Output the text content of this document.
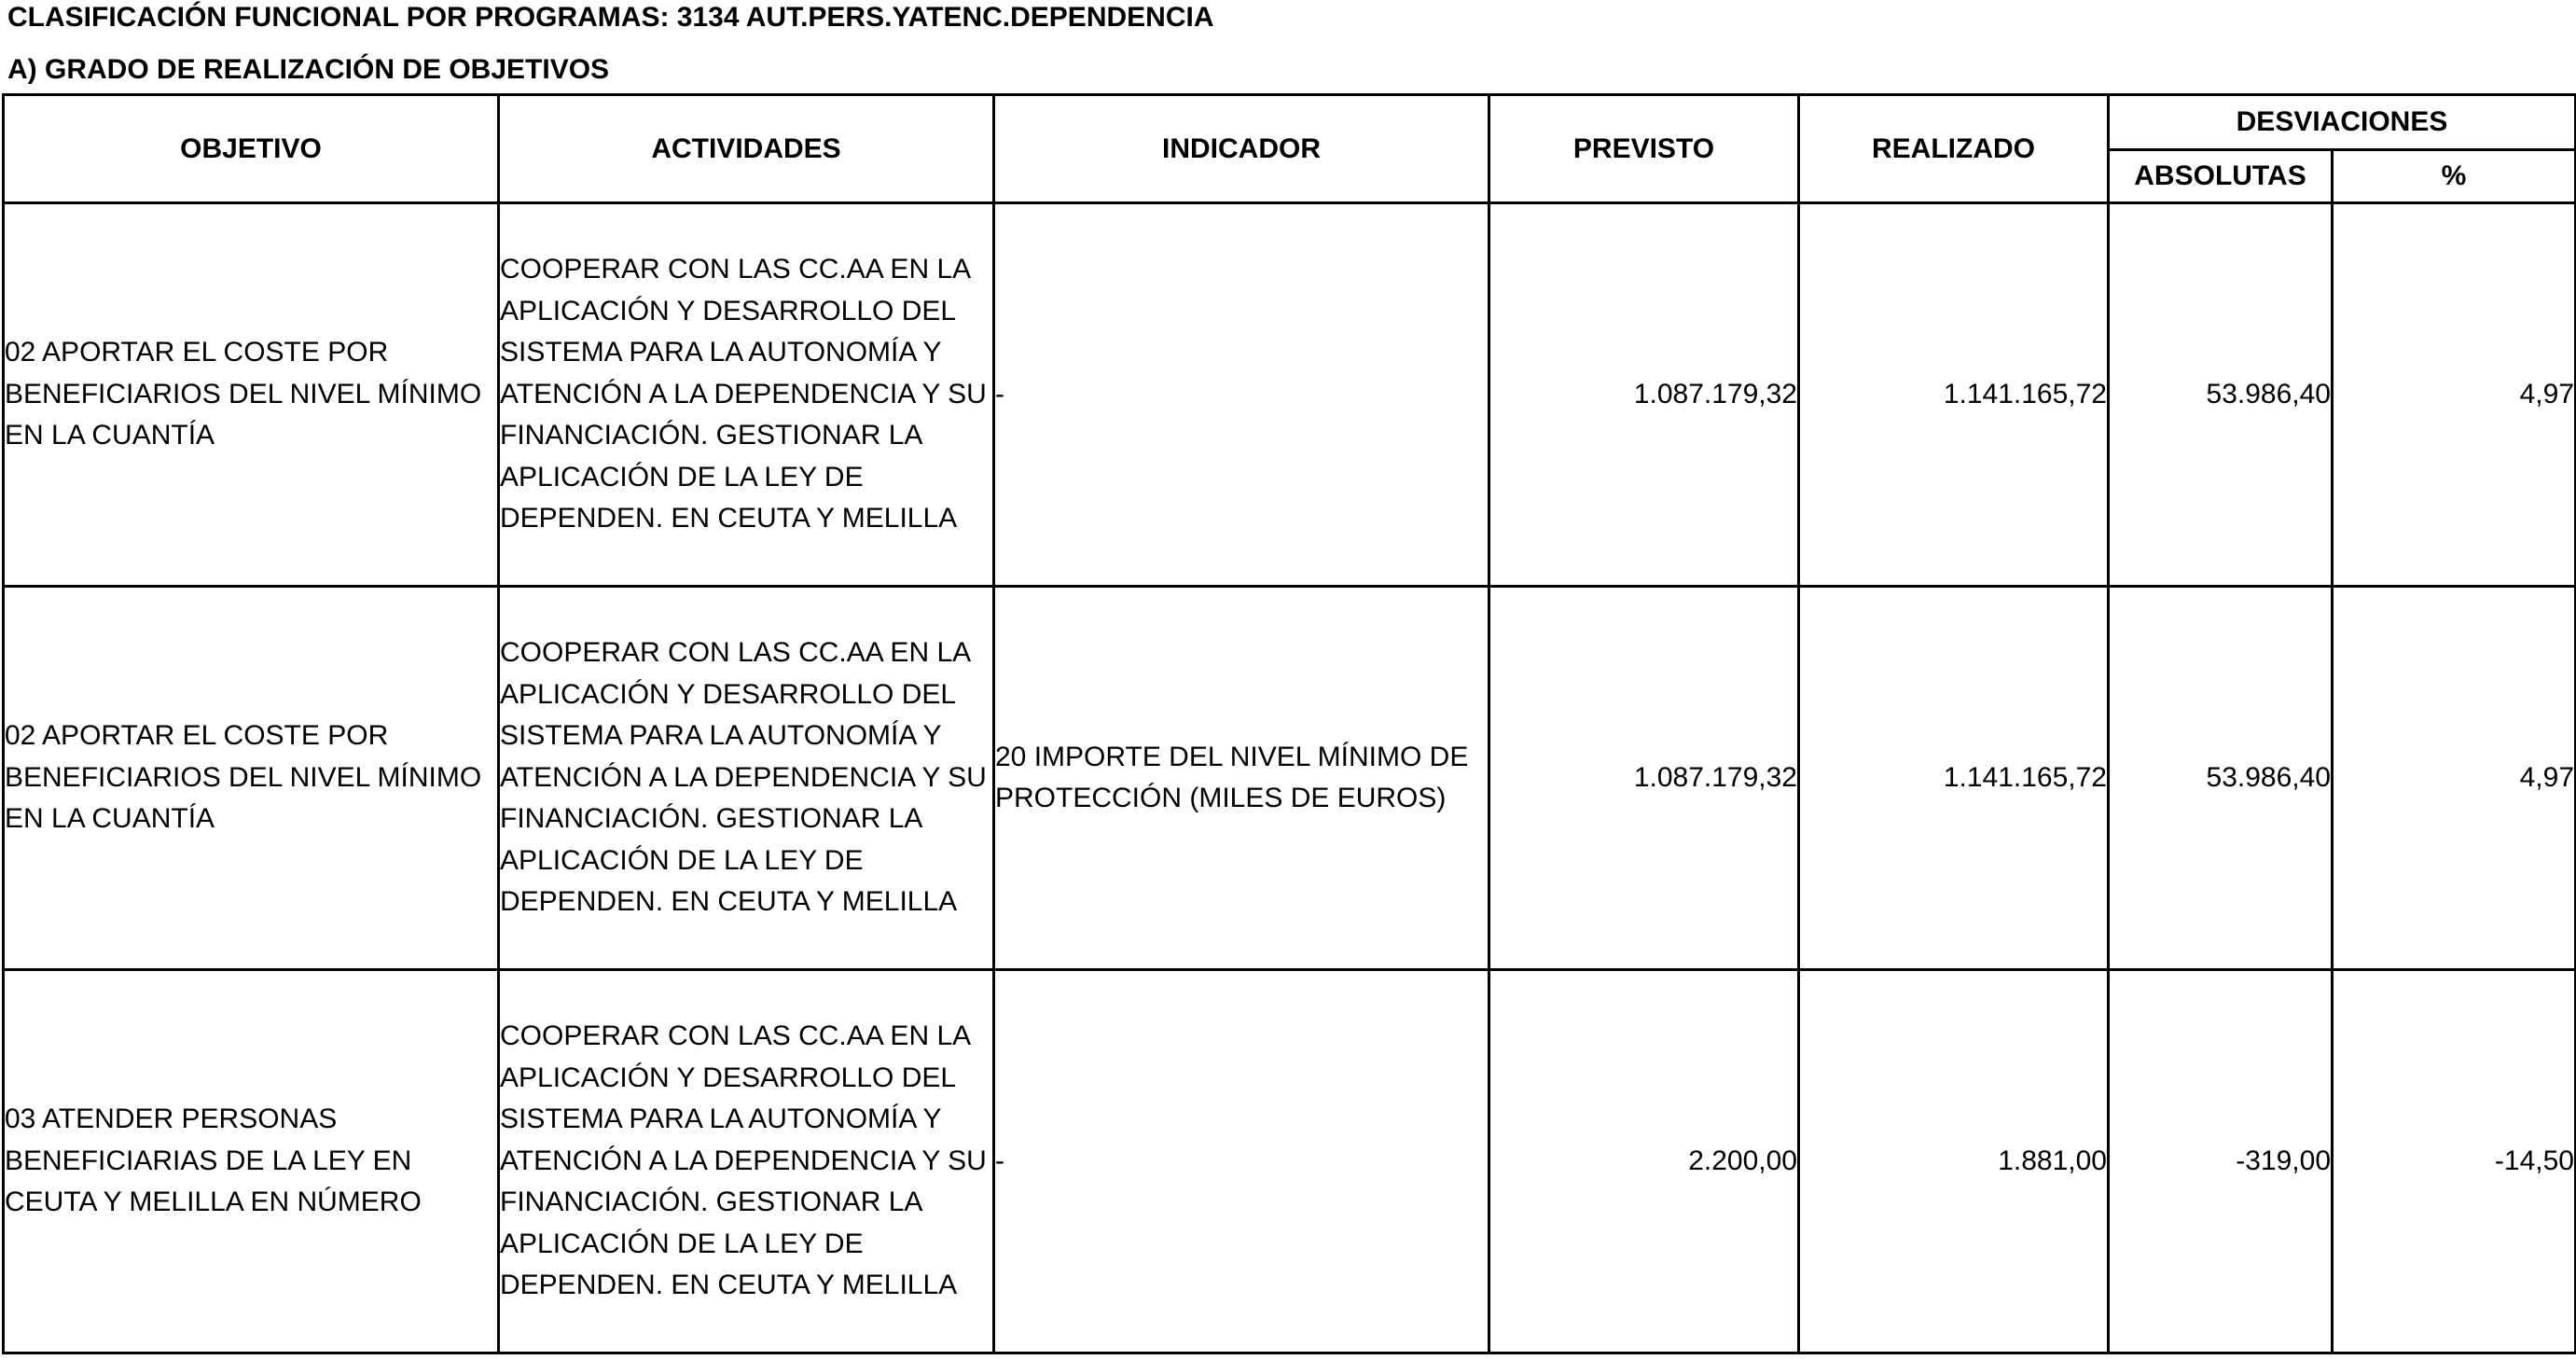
CLASIFICACIÓN FUNCIONAL POR PROGRAMAS: 3134 AUT.PERS.YATENC.DEPENDENCIA
A) GRADO DE REALIZACIÓN DE OBJETIVOS
OBJETIVO	ACTIVIDADES	INDICADOR	PREVISTO	REALIZADO	DESVIACIONES	
					ABSOLUTAS	%
02 APORTAR EL COSTE POR BENEFICIARIOS DEL NIVEL MÍNIMO EN LA CUANTÍA	COOPERAR CON LAS CC.AA EN LA APLICACIÓN Y DESARROLLO DEL SISTEMA PARA LA AUTONOMÍA Y ATENCIÓN A LA DEPENDENCIA Y SU FINANCIACIÓN. GESTIONAR LA APLICACIÓN DE LA LEY DE DEPENDEN. EN CEUTA Y MELILLA	-	1.087.179,32	1.141.165,72	53.986,40	4,97
02 APORTAR EL COSTE POR BENEFICIARIOS DEL NIVEL MÍNIMO EN LA CUANTÍA	COOPERAR CON LAS CC.AA EN LA APLICACIÓN Y DESARROLLO DEL SISTEMA PARA LA AUTONOMÍA Y ATENCIÓN A LA DEPENDENCIA Y SU FINANCIACIÓN. GESTIONAR LA APLICACIÓN DE LA LEY DE DEPENDEN. EN CEUTA Y MELILLA	20 IMPORTE DEL NIVEL MÍNIMO DE PROTECCIÓN (MILES DE EUROS)	1.087.179,32	1.141.165,72	53.986,40	4,97
03 ATENDER PERSONAS BENEFICIARIAS DE LA LEY EN CEUTA Y MELILLA EN NÚMERO	COOPERAR CON LAS CC.AA EN LA APLICACIÓN Y DESARROLLO DEL SISTEMA PARA LA AUTONOMÍA Y ATENCIÓN A LA DEPENDENCIA Y SU FINANCIACIÓN. GESTIONAR LA APLICACIÓN DE LA LEY DE DEPENDEN. EN CEUTA Y MELILLA	-	2.200,00	1.881,00	-319,00	-14,50
